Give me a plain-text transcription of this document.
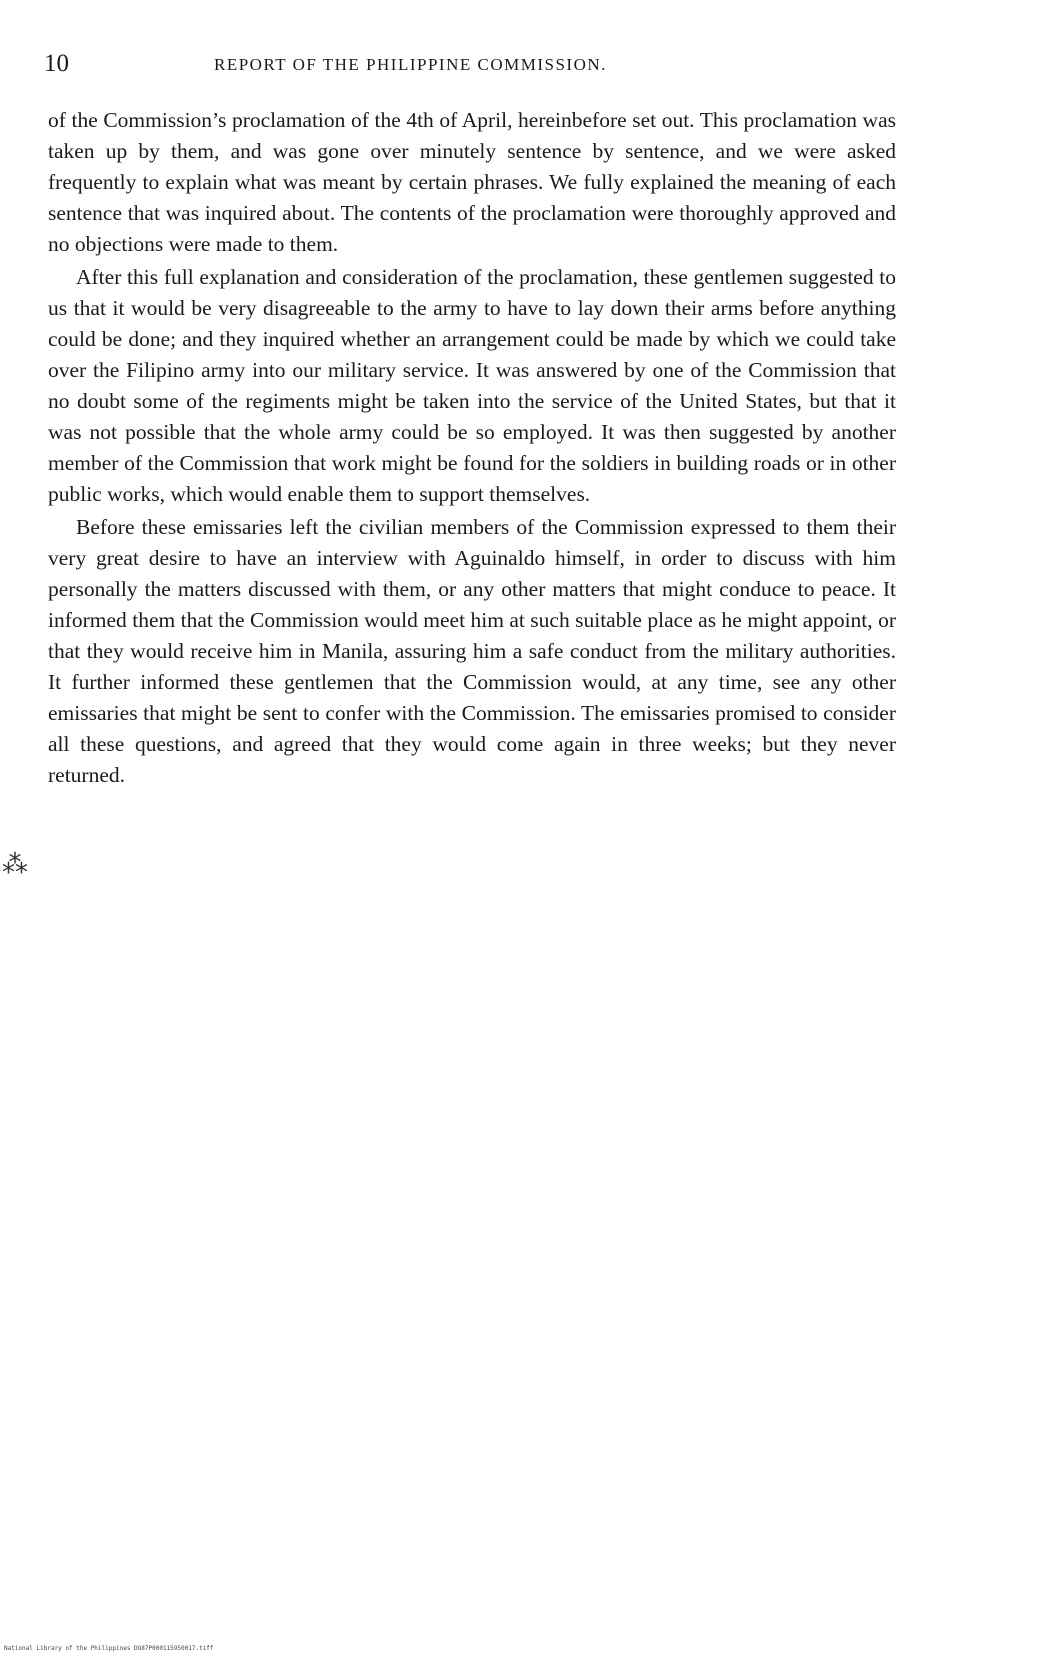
10	REPORT OF THE PHILIPPINE COMMISSION.

of the Commission’s proclamation of the 4th of April, hereinbefore set out. This proclamation was taken up by them, and was gone over minutely sentence by sentence, and we were asked frequently to explain what was meant by certain phrases. We fully explained the meaning of each sentence that was inquired about. The contents of the proclamation were thoroughly approved and no objections were made to them.

After this full explanation and consideration of the proclamation, these gentlemen suggested to us that it would be very disagreeable to the army to have to lay down their arms before anything could be done; and they inquired whether an arrangement could be made by which we could take over the Filipino army into our military service. It was answered by one of the Commission that no doubt some of the regiments might be taken into the service of the United States, but that it was not possible that the whole army could be so employed. It was then suggested by another member of the Commission that work might be found for the soldiers in building roads or in other public works, which would enable them to support themselves.

Before these emissaries left the civilian members of the Commission expressed to them their very great desire to have an interview with Aguinaldo himself, in order to discuss with him personally the matters discussed with them, or any other matters that might conduce to peace. It informed them that the Commission would meet him at such suitable place as he might appoint, or that they would receive him in Manila, assuring him a safe conduct from the military authorities. It further informed these gentlemen that the Commission would, at any time, see any other emissaries that might be sent to confer with the Commission. The emissaries promised to consider all these questions, and agreed that they would come again in three weeks; but they never returned.

⁂
National Library of the Philippines DO87P000115950017.tiff
